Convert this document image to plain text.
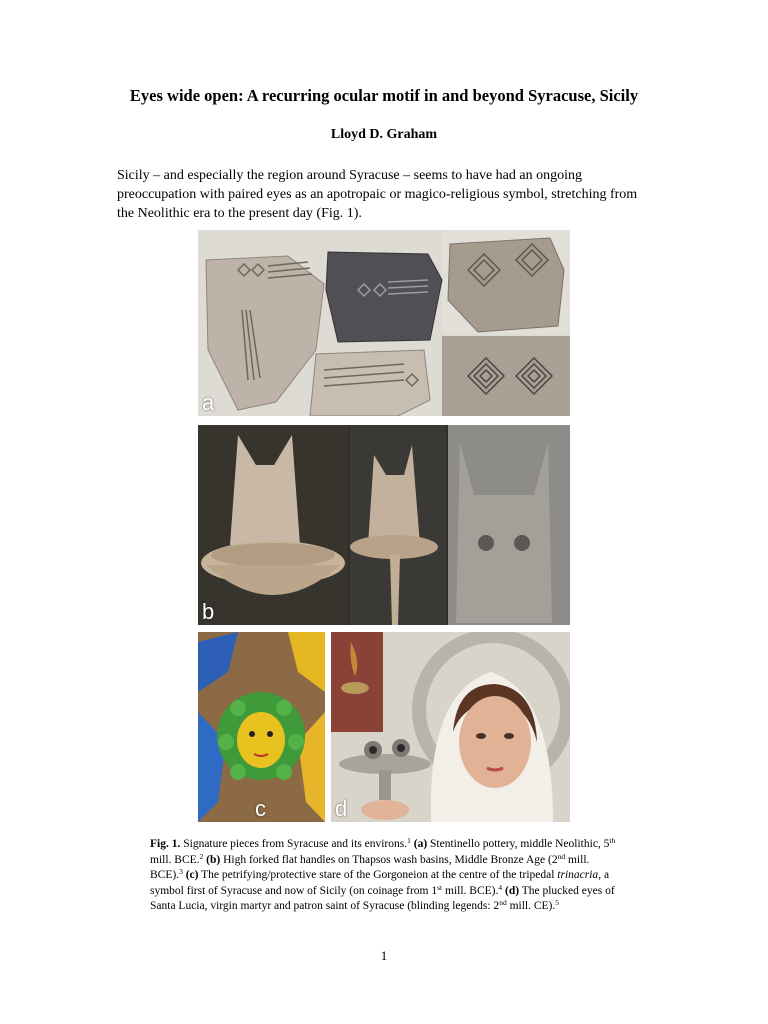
Eyes wide open: A recurring ocular motif in and beyond Syracuse, Sicily
Lloyd D. Graham
Sicily – and especially the region around Syracuse – seems to have had an ongoing preoccupation with paired eyes as an apotropaic or magico-religious symbol, stretching from the Neolithic era to the present day (Fig. 1).
a
b
c	d
Fig. 1. Signature pieces from Syracuse and its environs.$^1$ (a) Stentinello pottery, middle Neolithic, 5th mill. BCE.$^2$ (b) High forked flat handles on Thapsos wash basins, Middle Bronze Age (2nd mill. BCE).$^3$ (c) The petrifying/protective stare of the Gorgoneion at the centre of the tripedal trinacria, a symbol first of Syracuse and now of Sicily (on coinage from 1st mill. BCE).$^4$ (d) The plucked eyes of Santa Lucia, virgin martyr and patron saint of Syracuse (blinding legends: 2nd mill. CE).$^5$
1
